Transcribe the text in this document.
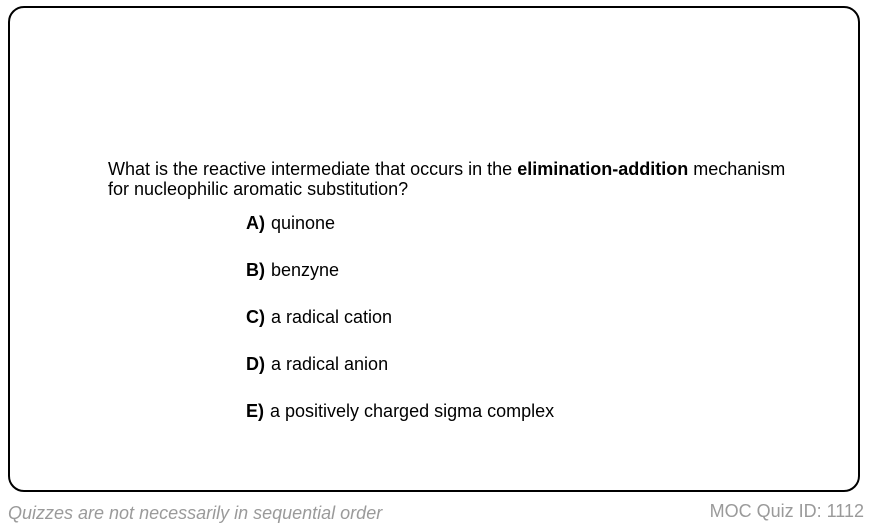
What is the reactive intermediate that occurs in the elimination-addition mechanism for nucleophilic aromatic substitution?
A) quinone
B) benzyne
C) a radical cation
D) a radical anion
E) a positively charged sigma complex
Quizzes are not necessarily in sequential order	MOC Quiz ID: 1112
